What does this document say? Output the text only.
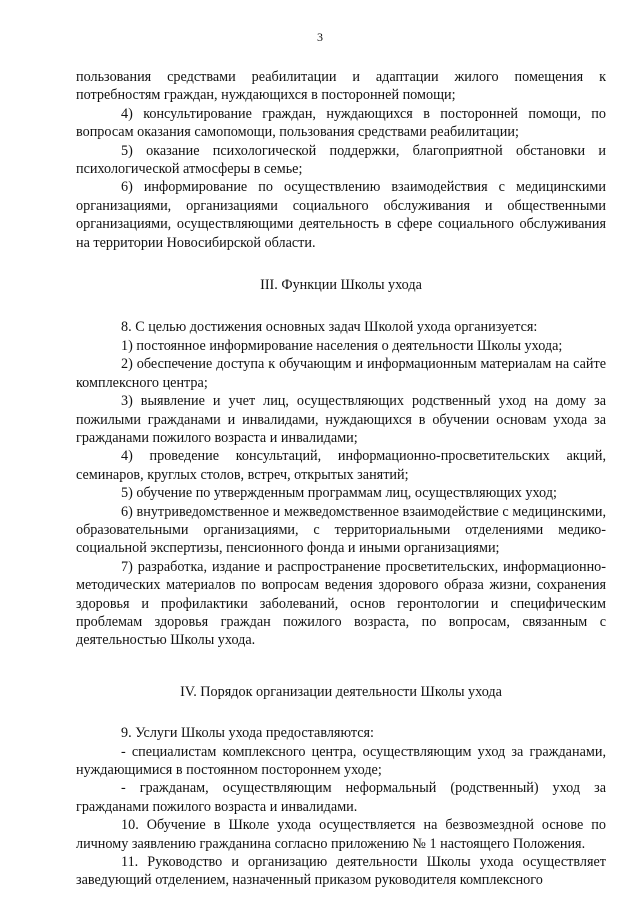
3

пользования средствами реабилитации и адаптации жилого помещения к потребностям граждан, нуждающихся в посторонней помощи;

4) консультирование граждан, нуждающихся в посторонней помощи, по вопросам оказания самопомощи, пользования средствами реабилитации;

5) оказание психологической поддержки, благоприятной обстановки и психологической атмосферы в семье;

6) информирование по осуществлению взаимодействия с медицинскими организациями, организациями социального обслуживания и общественными организациями, осуществляющими деятельность в сфере социального обслуживания на территории Новосибирской области.

III. Функции Школы ухода

8. С целью достижения основных задач Школой ухода организуется:

1) постоянное информирование населения о деятельности Школы ухода;

2) обеспечение доступа к обучающим и информационным материалам на сайте комплексного центра;

3) выявление и учет лиц, осуществляющих родственный уход на дому за пожилыми гражданами и инвалидами, нуждающихся в обучении основам ухода за гражданами пожилого возраста и инвалидами;

4) проведение консультаций, информационно-просветительских акций, семинаров, круглых столов, встреч, открытых занятий;

5) обучение по утвержденным программам лиц, осуществляющих уход;

6) внутриведомственное и межведомственное взаимодействие с медицинскими, образовательными организациями, с территориальными отделениями медико-социальной экспертизы, пенсионного фонда и иными организациями;

7) разработка, издание и распространение просветительских, информационно-методических материалов по вопросам ведения здорового образа жизни, сохранения здоровья и профилактики заболеваний, основ геронтологии и специфическим проблемам здоровья граждан пожилого возраста, по вопросам, связанным с деятельностью Школы ухода.

IV. Порядок организации деятельности Школы ухода

9. Услуги Школы ухода предоставляются:

- специалистам комплексного центра, осуществляющим уход за гражданами, нуждающимися в постоянном постороннем уходе;

- гражданам, осуществляющим неформальный (родственный) уход за гражданами пожилого возраста и инвалидами.

10. Обучение в Школе ухода осуществляется на безвозмездной основе по личному заявлению гражданина согласно приложению № 1 настоящего Положения.

11. Руководство и организацию деятельности Школы ухода осуществляет заведующий отделением, назначенный приказом руководителя комплексного
